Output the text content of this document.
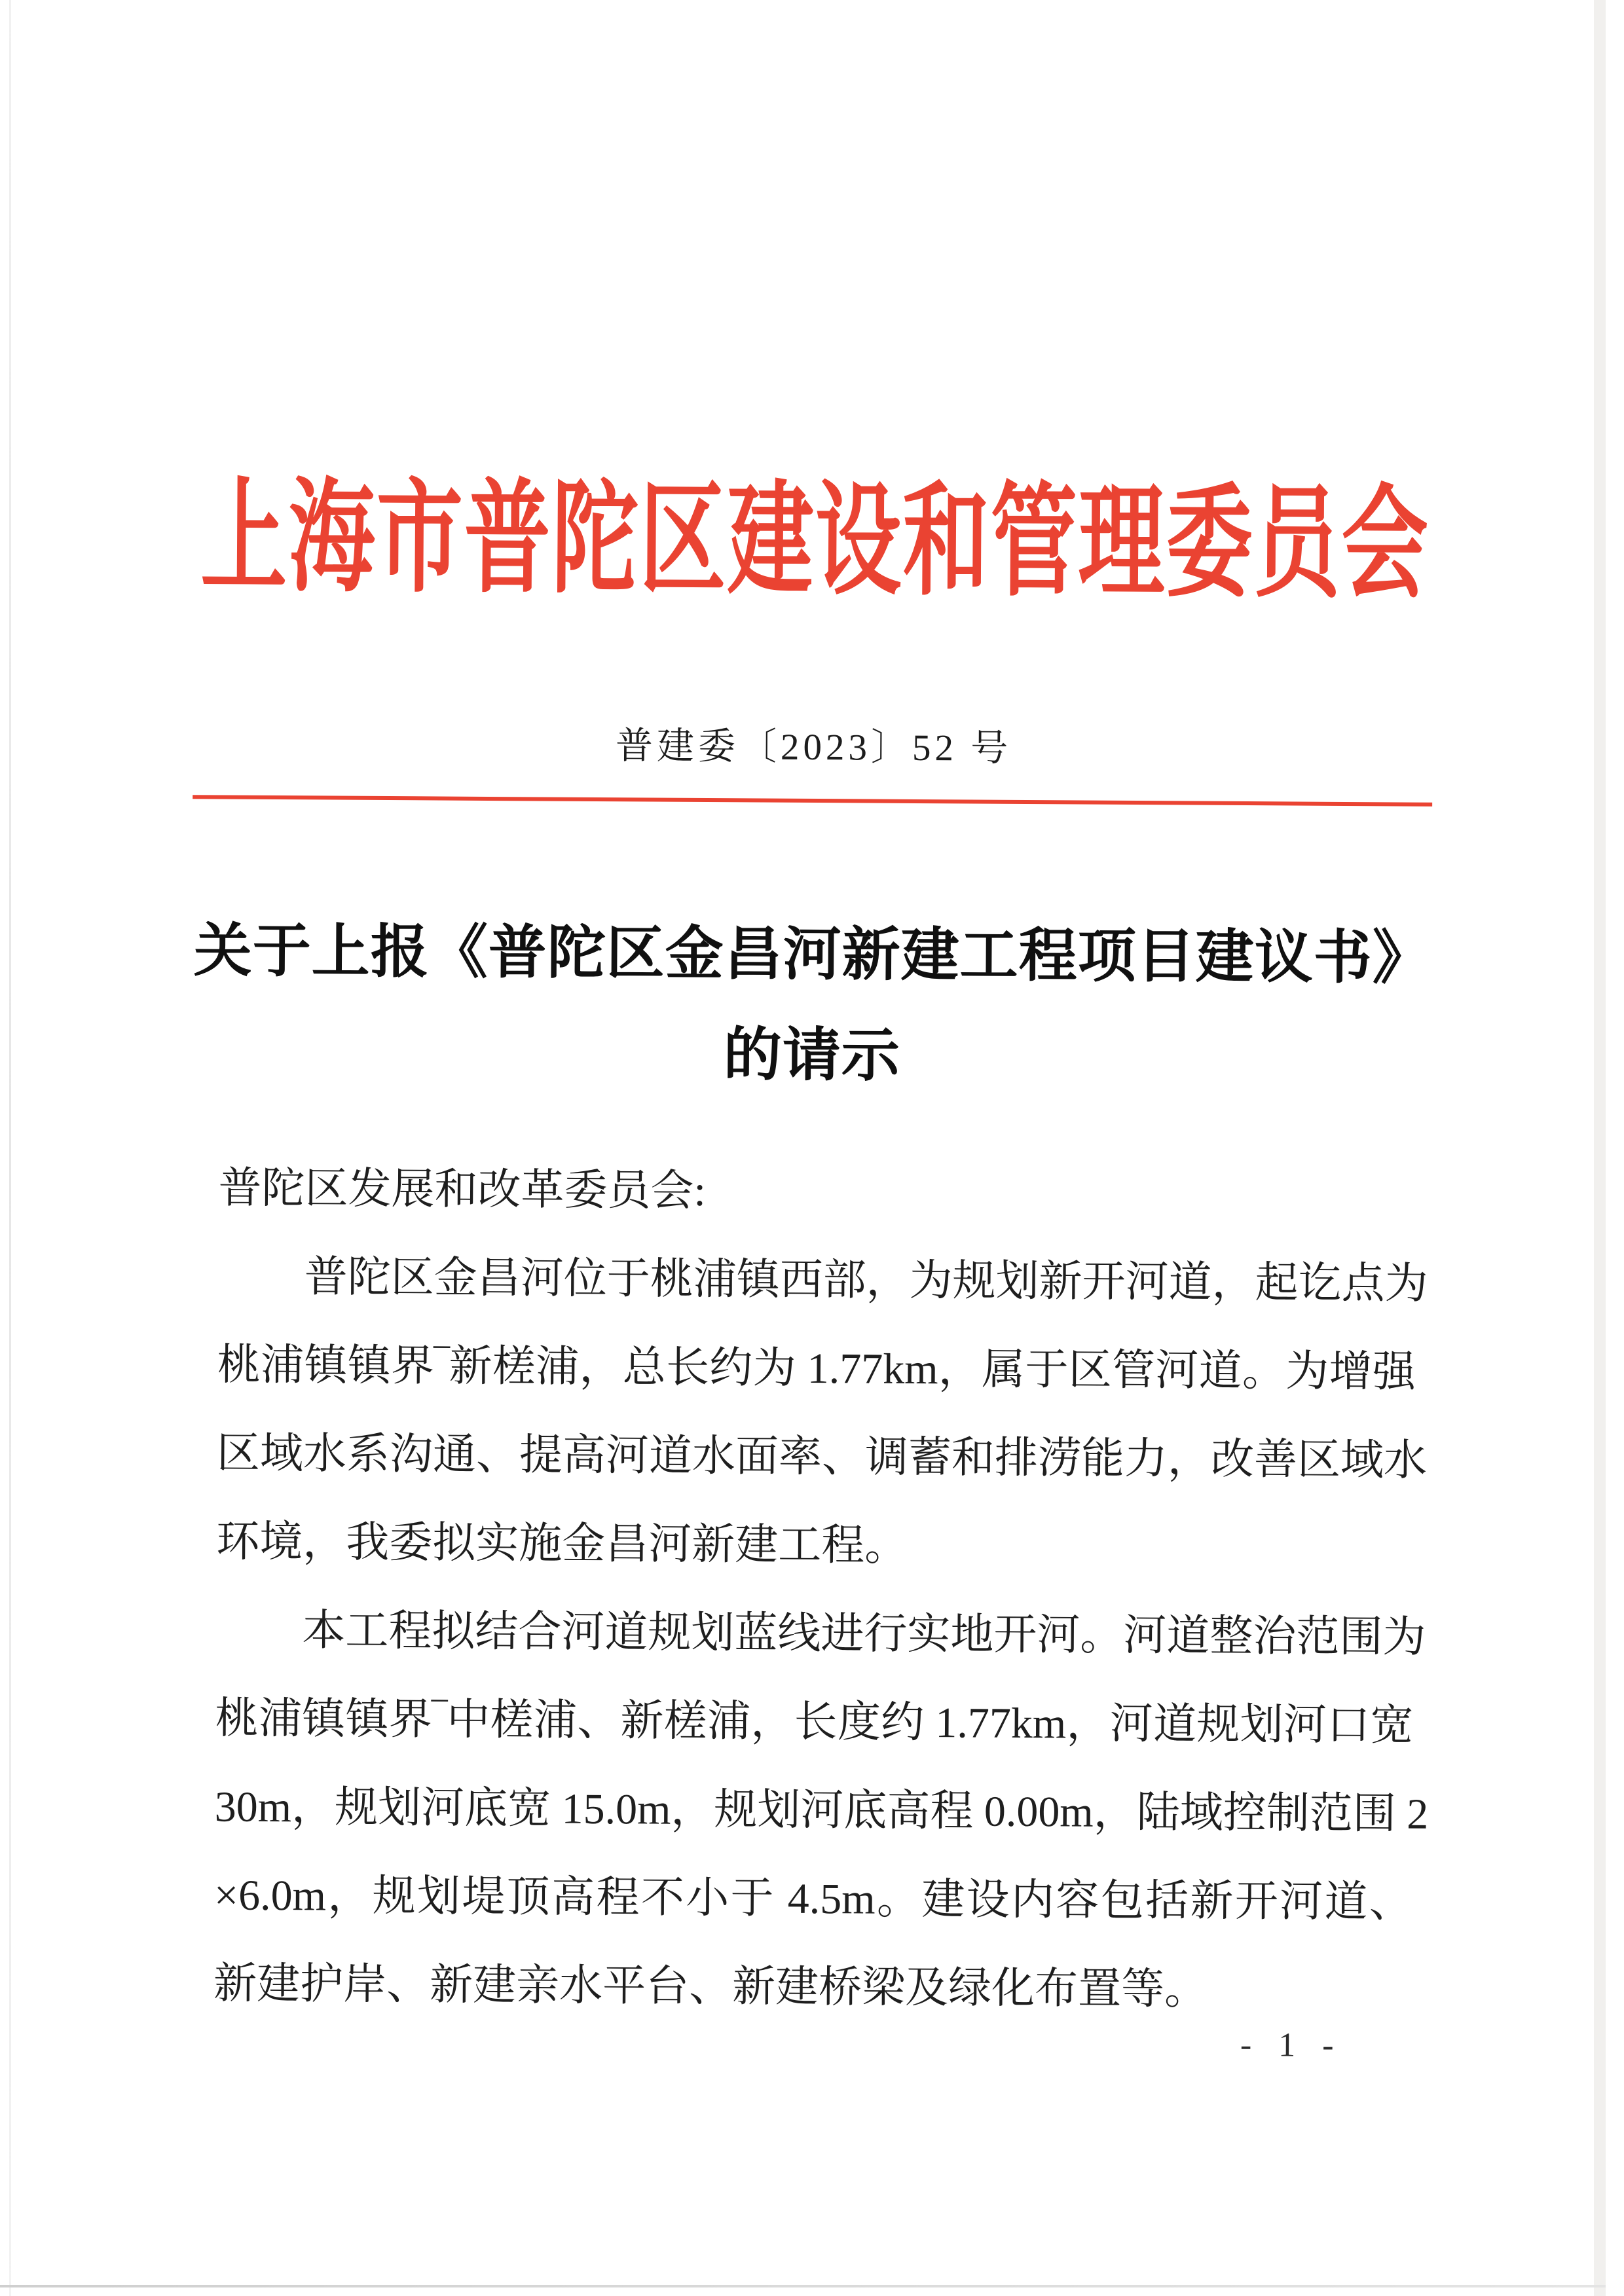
上海市普陀区建设和管理委员会
普建委〔2023〕52 号
关于上报《普陀区金昌河新建工程项目建议书》
的请示
普陀区发展和改革委员会:
普陀区金昌河位于桃浦镇西部，为规划新开河道，起讫点为
桃浦镇镇界‾新槎浦，总长约为 1.77km，属于区管河道。为增强
区域水系沟通、提高河道水面率、调蓄和排涝能力，改善区域水
环境，我委拟实施金昌河新建工程。
本工程拟结合河道规划蓝线进行实地开河。河道整治范围为
桃浦镇镇界‾中槎浦、新槎浦，长度约 1.77km，河道规划河口宽
30m，规划河底宽 15.0m，规划河底高程 0.00m，陆域控制范围 2
×6.0m，规划堤顶高程不小于 4.5m。建设内容包括新开河道、
新建护岸、新建亲水平台、新建桥梁及绿化布置等。
- 1 -
